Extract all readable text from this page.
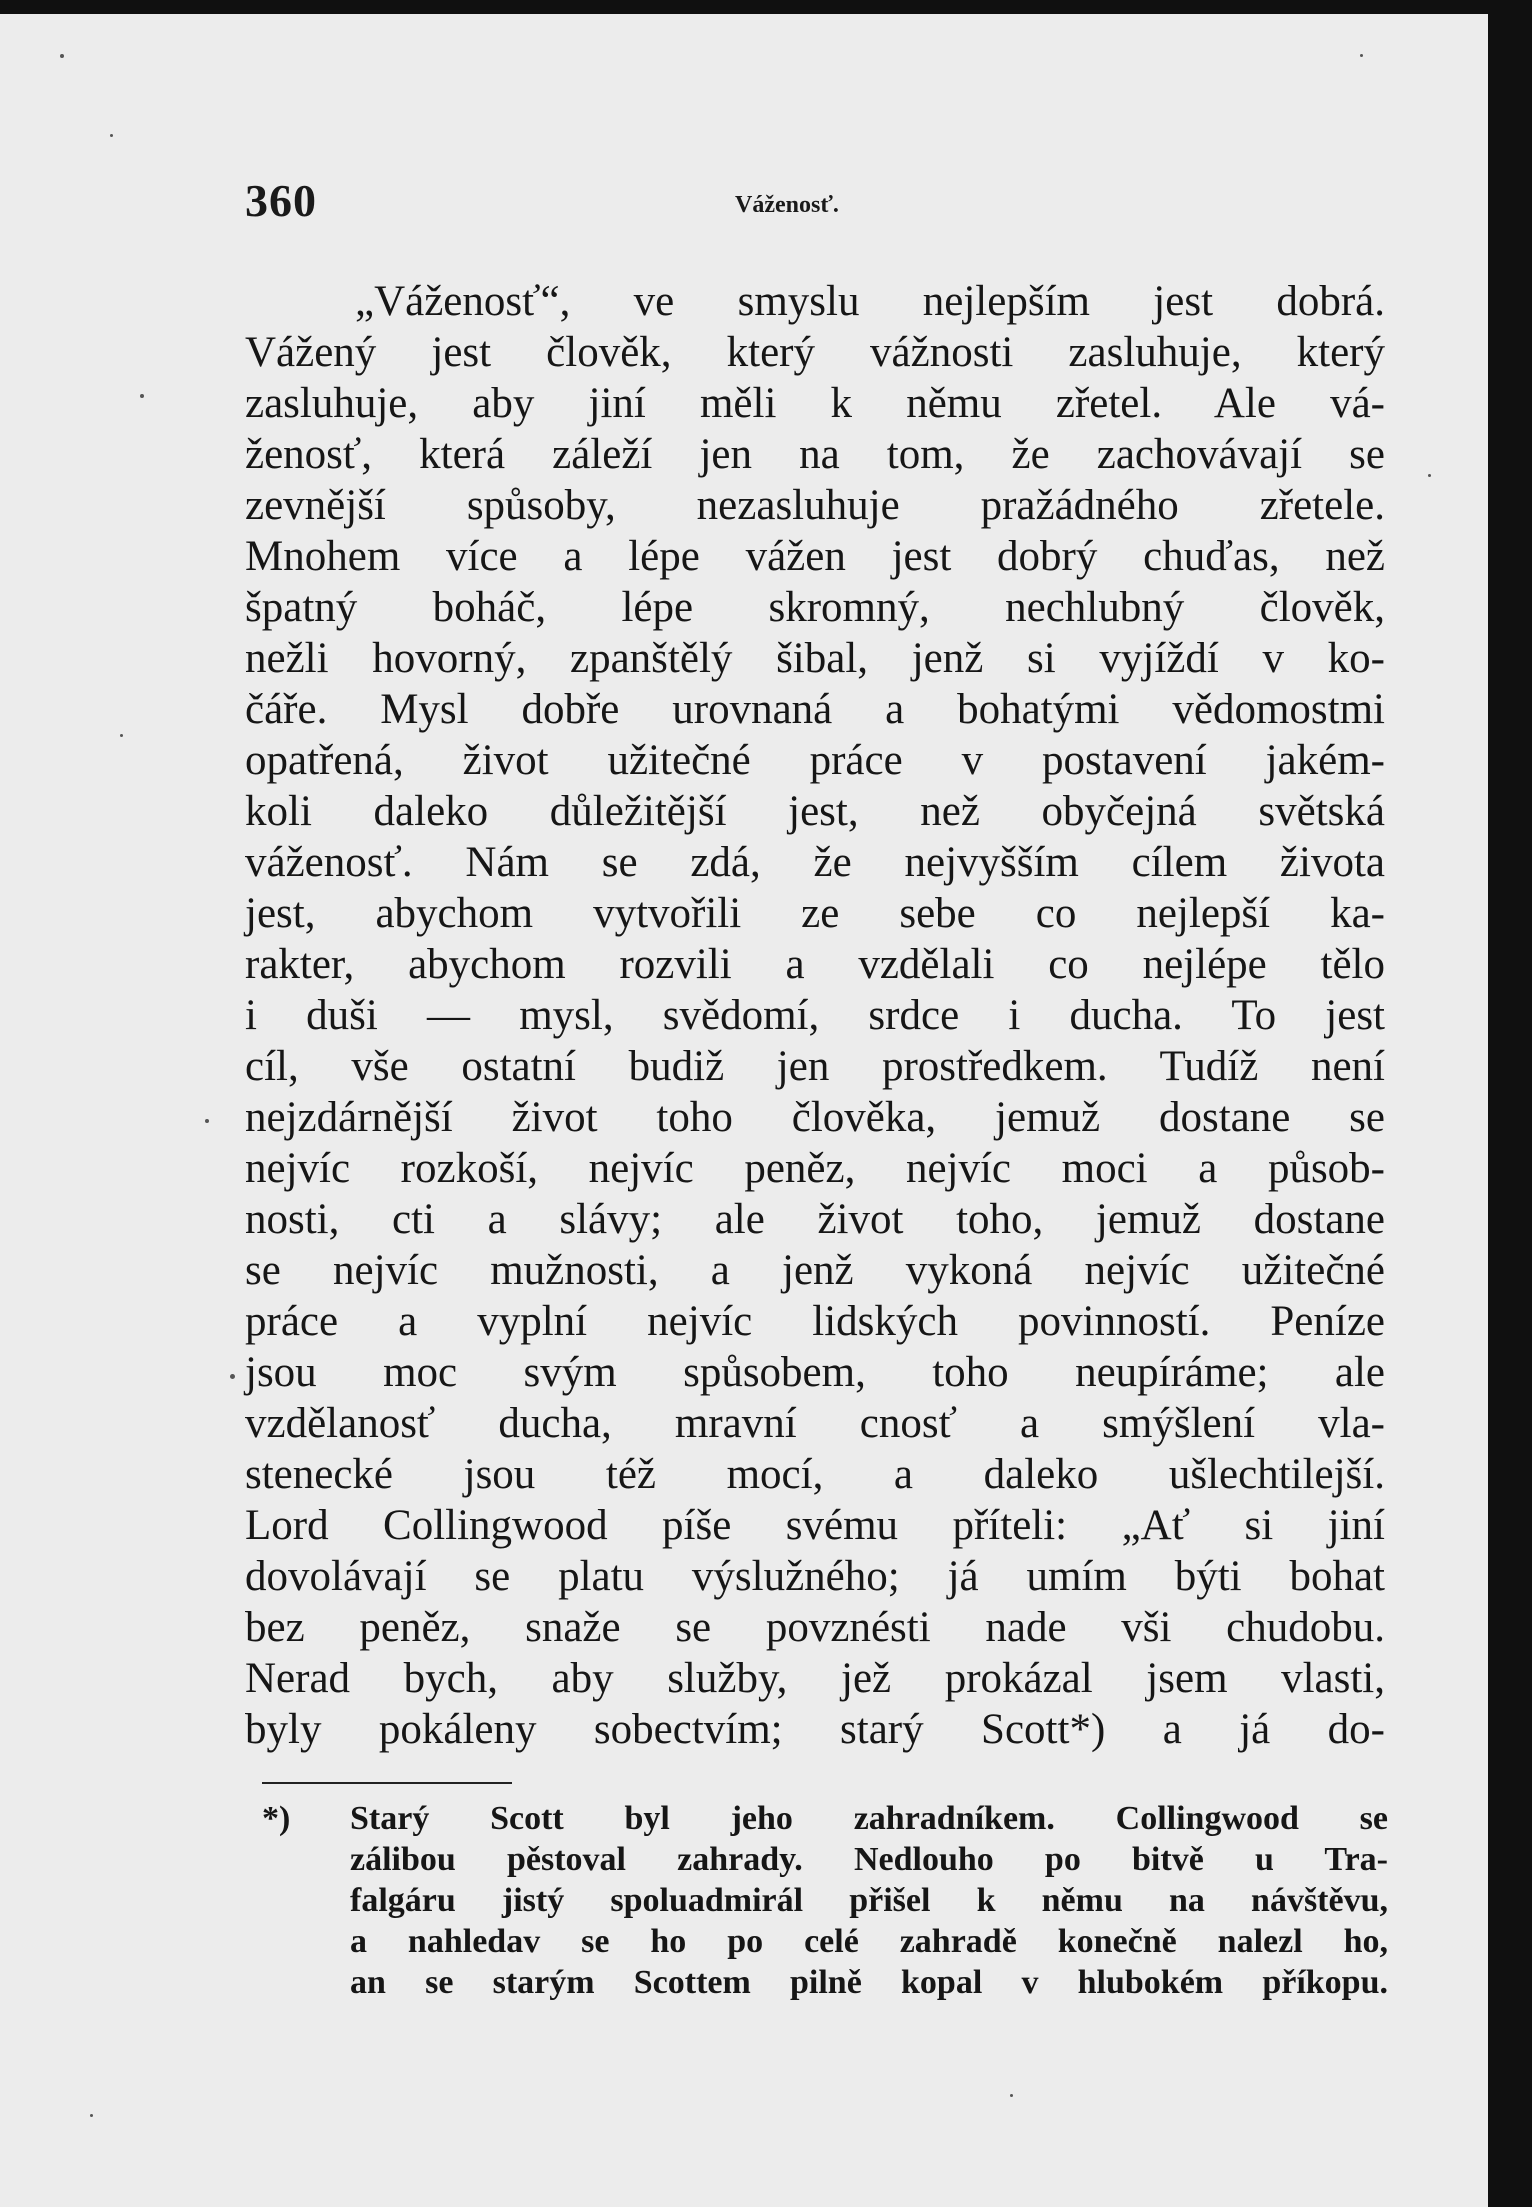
360	Váženosť.
„Váženosť“, ve smyslu nejlepším jest dobrá.
Vážený jest člověk, který vážnosti zasluhuje, který
zasluhuje, aby jiní měli k němu zřetel. Ale vá-
ženosť, která záleží jen na tom, že zachovávají se
zevnější spůsoby, nezasluhuje pražádného zřetele.
Mnohem více a lépe vážen jest dobrý chuďas, než
špatný boháč, lépe skromný, nechlubný člověk,
nežli hovorný, zpanštělý šibal, jenž si vyjíždí v ko-
čáře. Mysl dobře urovnaná a bohatými vědomostmi
opatřená, život užitečné práce v postavení jakém-
koli daleko důležitější jest, než obyčejná světská
váženosť. Nám se zdá, že nejvyšším cílem života
jest, abychom vytvořili ze sebe co nejlepší ka-
rakter, abychom rozvili a vzdělali co nejlépe tělo
i duši — mysl, svědomí, srdce i ducha. To jest
cíl, vše ostatní budiž jen prostředkem. Tudíž není
nejzdárnější život toho člověka, jemuž dostane se
nejvíc rozkoší, nejvíc peněz, nejvíc moci a působ-
nosti, cti a slávy; ale život toho, jemuž dostane
se nejvíc mužnosti, a jenž vykoná nejvíc užitečné
práce a vyplní nejvíc lidských povinností. Peníze
jsou moc svým spůsobem, toho neupíráme; ale
vzdělanosť ducha, mravní cnosť a smýšlení vla-
stenecké jsou též mocí, a daleko ušlechtilejší.
Lord Collingwood píše svému příteli: „Ať si jiní
dovolávají se platu výslužného; já umím býti bohat
bez peněz, snaže se povznésti nade vši chudobu.
Nerad bych, aby služby, jež prokázal jsem vlasti,
byly pokáleny sobectvím; starý Scott*) a já do-
*) Starý Scott byl jeho zahradníkem. Collingwood se
zálibou pěstoval zahrady. Nedlouho po bitvě u Tra-
falgáru jistý spoluadmirál přišel k němu na návštěvu,
a nahledav se ho po celé zahradě konečně nalezl ho,
an se starým Scottem pilně kopal v hlubokém příkopu.
